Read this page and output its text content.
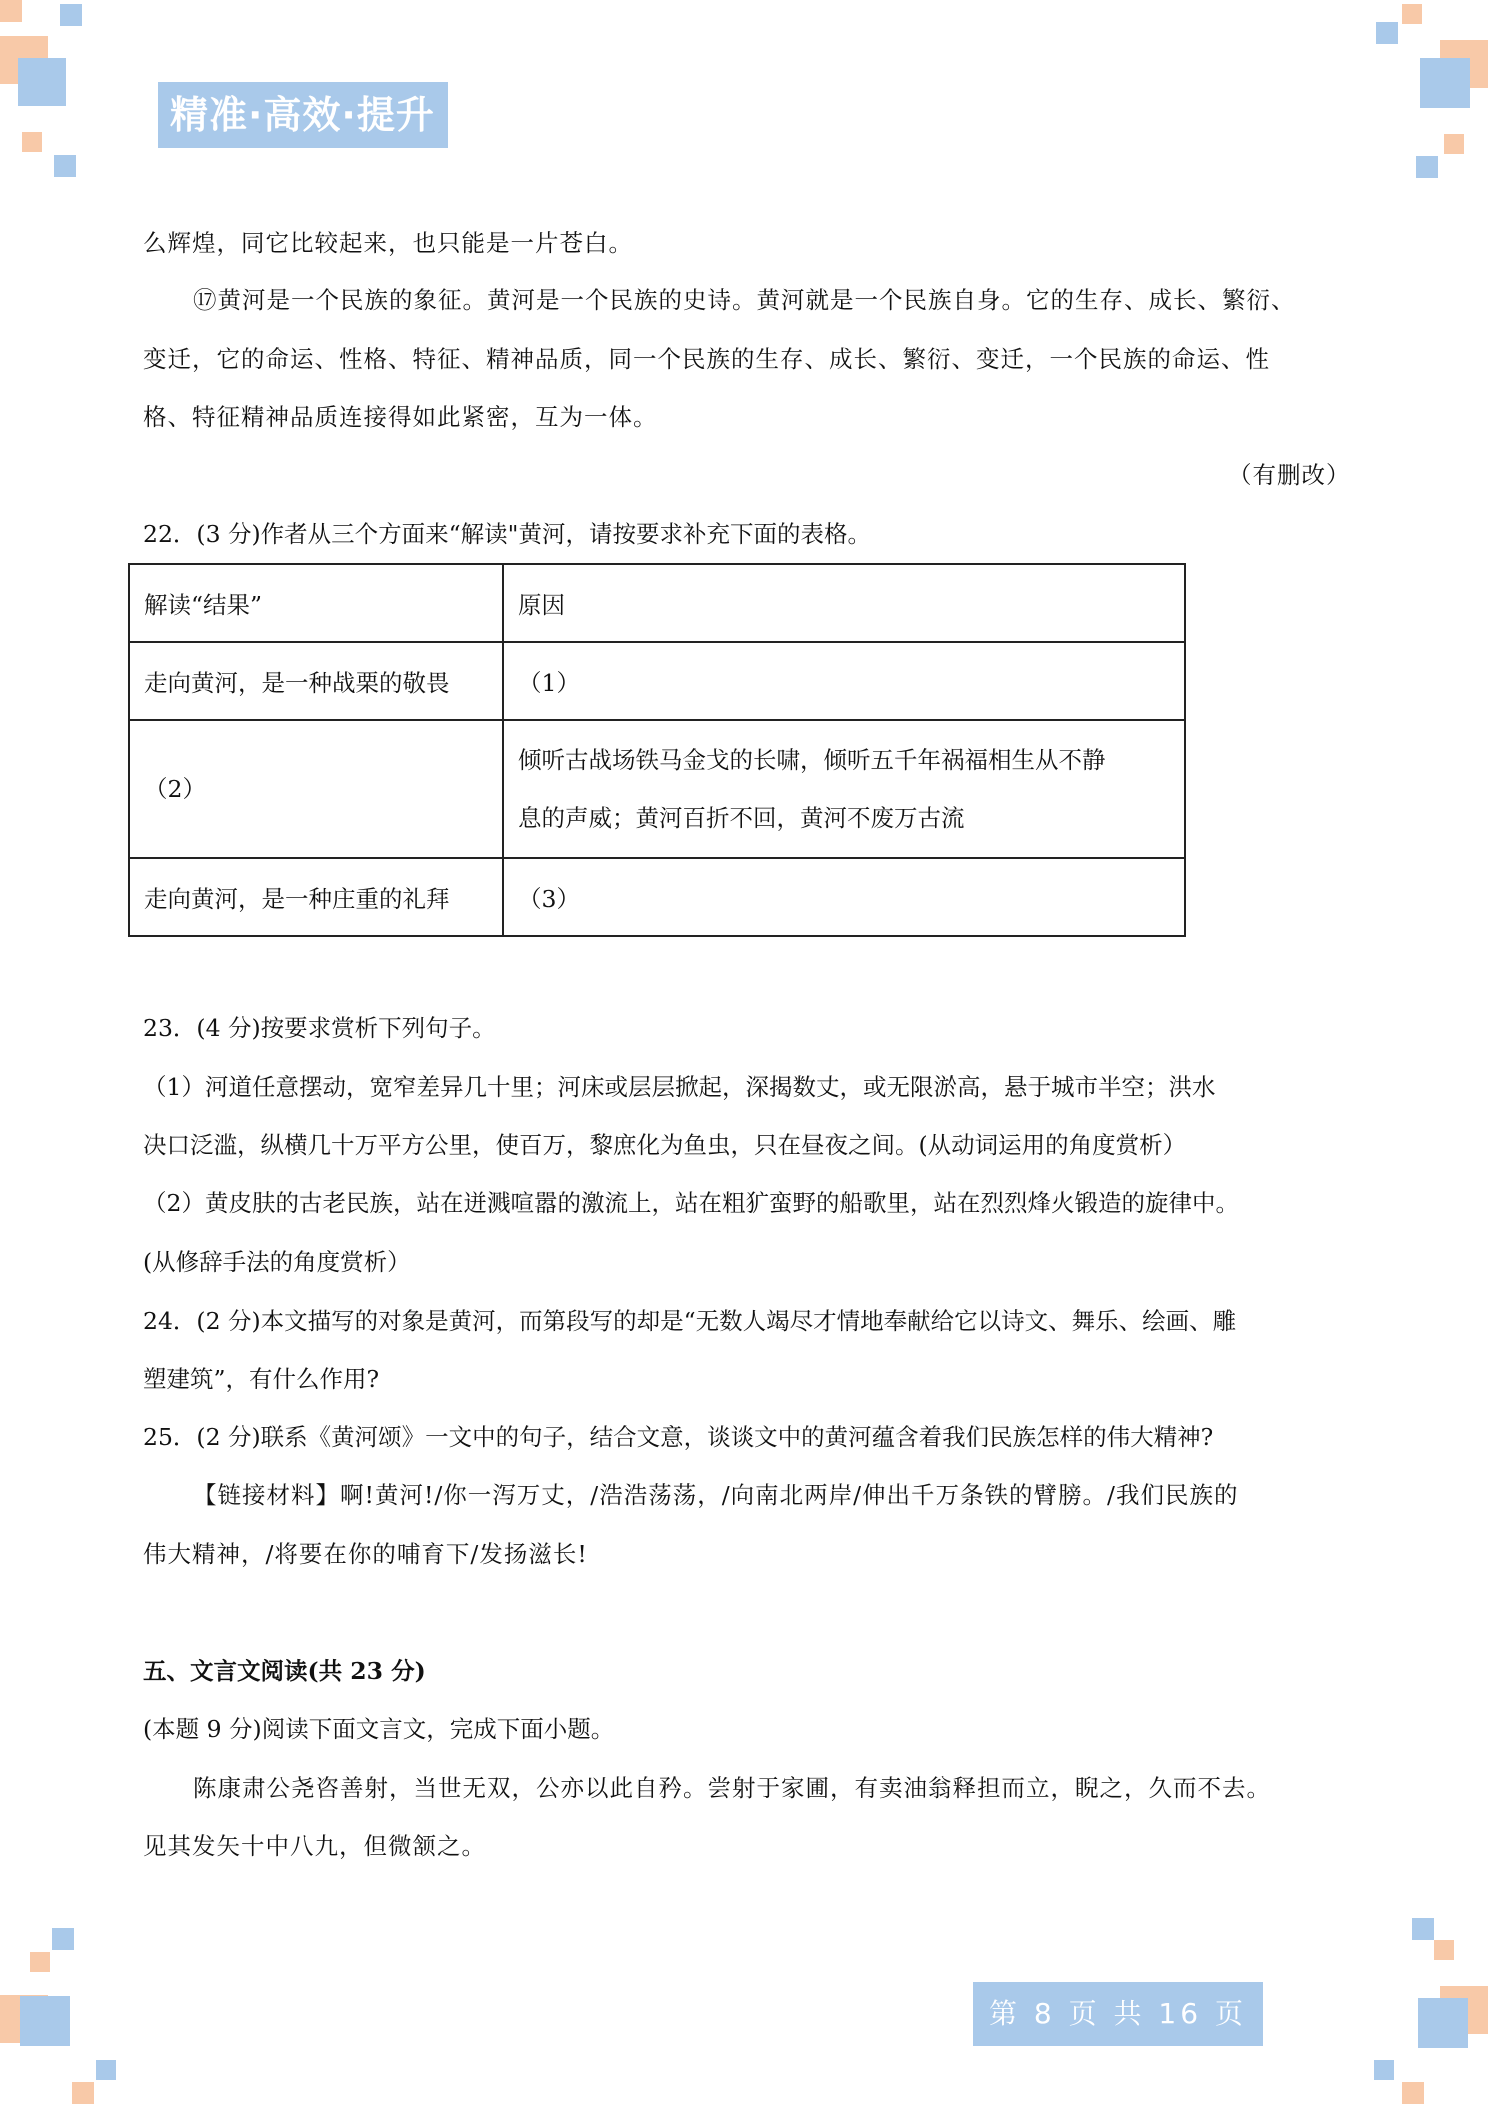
精准·高效·提升
么辉煌，同它比较起来，也只能是一片苍白。
⑰黄河是一个民族的象征。黄河是一个民族的史诗。黄河就是一个民族自身。它的生存、成长、繁衍、
变迁，它的命运、性格、特征、精神品质，同一个民族的生存、成长、繁衍、变迁，一个民族的命运、性
格、特征精神品质连接得如此紧密，互为一体。
（有删改）
22．(3 分)作者从三个方面来“解读"黄河，请按要求补充下面的表格。
解读“结果”	原因
走向黄河，是一种战栗的敬畏	（1）
（2）	倾听古战场铁马金戈的长啸，倾听五千年祸福相生从不静
息的声威；黄河百折不回，黄河不废万古流

走向黄河，是一种庄重的礼拜	（3）
23．(4 分)按要求赏析下列句子。
（1）河道任意摆动，宽窄差异几十里；河床或层层掀起，深揭数丈，或无限淤高，悬于城市半空；洪水
决口泛滥，纵横几十万平方公里，使百万，黎庶化为鱼虫，只在昼夜之间。(从动词运用的角度赏析）
（2）黄皮肤的古老民族，站在迸溅喧嚣的激流上，站在粗犷蛮野的船歌里，站在烈烈烽火锻造的旋律中。
(从修辞手法的角度赏析）
24．(2 分)本文描写的对象是黄河，而第段写的却是“无数人竭尽才情地奉献给它以诗文、舞乐、绘画、雕
塑建筑”，有什么作用?
25．(2 分)联系《黄河颂》一文中的句子，结合文意，谈谈文中的黄河蕴含着我们民族怎样的伟大精神?
【链接材料】啊!黄河!/你一泻万丈，/浩浩荡荡，/向南北两岸/伸出千万条铁的臂膀。/我们民族的
伟大精神，/将要在你的哺育下/发扬滋长!
五、文言文阅读(共 23 分)
(本题 9 分)阅读下面文言文，完成下面小题。
陈康肃公尧咨善射，当世无双，公亦以此自矜。尝射于家圃，有卖油翁释担而立，睨之，久而不去。
见其发矢十中八九，但微颔之。
第 8 页 共 16 页
